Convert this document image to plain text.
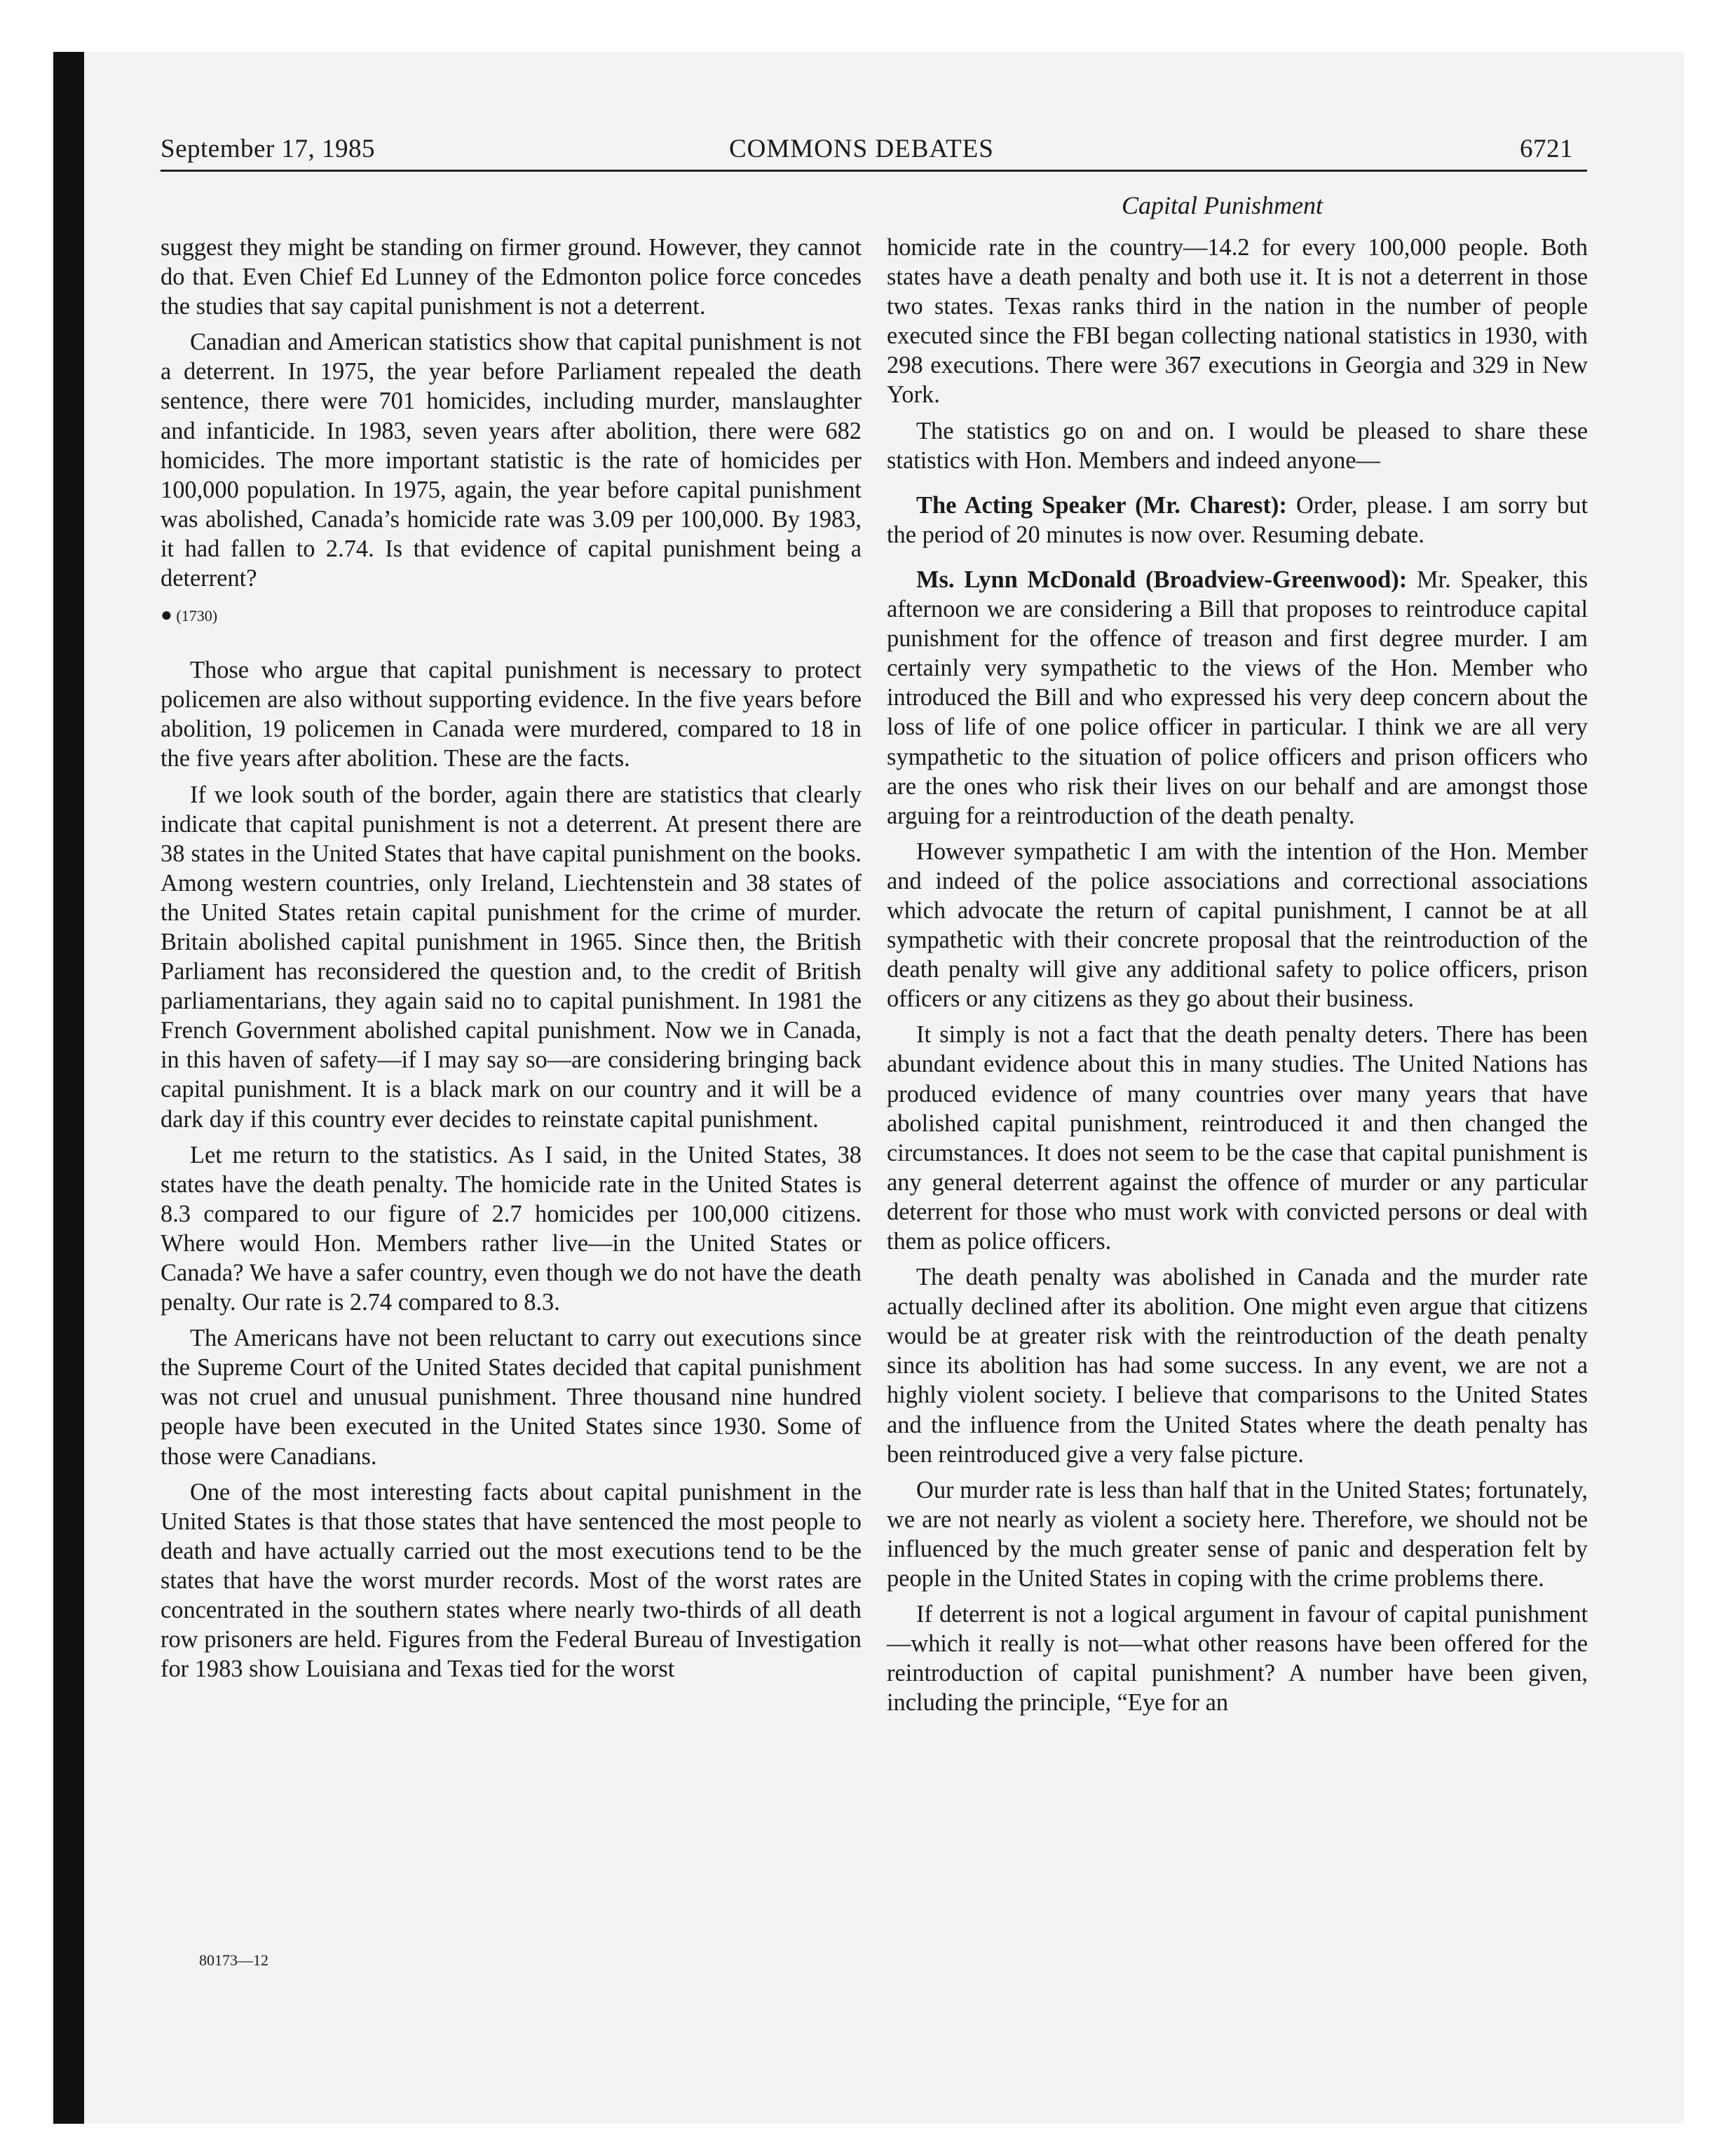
September 17, 1985	COMMONS DEBATES	6721
Capital Punishment

suggest they might be standing on firmer ground. However, they cannot do that. Even Chief Ed Lunney of the Edmonton police force concedes the studies that say capital punishment is not a deterrent.

Canadian and American statistics show that capital punishment is not a deterrent. In 1975, the year before Parliament repealed the death sentence, there were 701 homicides, including murder, manslaughter and infanticide. In 1983, seven years after abolition, there were 682 homicides. The more important statistic is the rate of homicides per 100,000 population. In 1975, again, the year before capital punishment was abolished, Canada’s homicide rate was 3.09 per 100,000. By 1983, it had fallen to 2.74. Is that evidence of capital punishment being a deterrent?

● (1730)

Those who argue that capital punishment is necessary to protect policemen are also without supporting evidence. In the five years before abolition, 19 policemen in Canada were murdered, compared to 18 in the five years after abolition. These are the facts.

If we look south of the border, again there are statistics that clearly indicate that capital punishment is not a deterrent. At present there are 38 states in the United States that have capital punishment on the books. Among western countries, only Ireland, Liechtenstein and 38 states of the United States retain capital punishment for the crime of murder. Britain abolished capital punishment in 1965. Since then, the British Parliament has reconsidered the question and, to the credit of British parliamentarians, they again said no to capital punishment. In 1981 the French Government abolished capital punishment. Now we in Canada, in this haven of safety—if I may say so—are considering bringing back capital punishment. It is a black mark on our country and it will be a dark day if this country ever decides to reinstate capital punishment.

Let me return to the statistics. As I said, in the United States, 38 states have the death penalty. The homicide rate in the United States is 8.3 compared to our figure of 2.7 homicides per 100,000 citizens. Where would Hon. Members rather live—in the United States or Canada? We have a safer country, even though we do not have the death penalty. Our rate is 2.74 compared to 8.3.

The Americans have not been reluctant to carry out executions since the Supreme Court of the United States decided that capital punishment was not cruel and unusual punishment. Three thousand nine hundred people have been executed in the United States since 1930. Some of those were Canadians.

One of the most interesting facts about capital punishment in the United States is that those states that have sentenced the most people to death and have actually carried out the most executions tend to be the states that have the worst murder records. Most of the worst rates are concentrated in the southern states where nearly two-thirds of all death row prisoners are held. Figures from the Federal Bureau of Investigation for 1983 show Louisiana and Texas tied for the worst

homicide rate in the country—14.2 for every 100,000 people. Both states have a death penalty and both use it. It is not a deterrent in those two states. Texas ranks third in the nation in the number of people executed since the FBI began collecting national statistics in 1930, with 298 executions. There were 367 executions in Georgia and 329 in New York.

The statistics go on and on. I would be pleased to share these statistics with Hon. Members and indeed anyone—

The Acting Speaker (Mr. Charest): Order, please. I am sorry but the period of 20 minutes is now over. Resuming debate.

Ms. Lynn McDonald (Broadview-Greenwood): Mr. Speaker, this afternoon we are considering a Bill that proposes to reintroduce capital punishment for the offence of treason and first degree murder. I am certainly very sympathetic to the views of the Hon. Member who introduced the Bill and who expressed his very deep concern about the loss of life of one police officer in particular. I think we are all very sympathetic to the situation of police officers and prison officers who are the ones who risk their lives on our behalf and are amongst those arguing for a reintroduction of the death penalty.

However sympathetic I am with the intention of the Hon. Member and indeed of the police associations and correctional associations which advocate the return of capital punishment, I cannot be at all sympathetic with their concrete proposal that the reintroduction of the death penalty will give any additional safety to police officers, prison officers or any citizens as they go about their business.

It simply is not a fact that the death penalty deters. There has been abundant evidence about this in many studies. The United Nations has produced evidence of many countries over many years that have abolished capital punishment, reintroduced it and then changed the circumstances. It does not seem to be the case that capital punishment is any general deterrent against the offence of murder or any particular deterrent for those who must work with convicted persons or deal with them as police officers.

The death penalty was abolished in Canada and the murder rate actually declined after its abolition. One might even argue that citizens would be at greater risk with the reintroduction of the death penalty since its abolition has had some success. In any event, we are not a highly violent society. I believe that comparisons to the United States and the influence from the United States where the death penalty has been reintroduced give a very false picture.

Our murder rate is less than half that in the United States; fortunately, we are not nearly as violent a society here. Therefore, we should not be influenced by the much greater sense of panic and desperation felt by people in the United States in coping with the crime problems there.

If deterrent is not a logical argument in favour of capital punishment—which it really is not—what other reasons have been offered for the reintroduction of capital punishment? A number have been given, including the principle, “Eye for an

80173—12
